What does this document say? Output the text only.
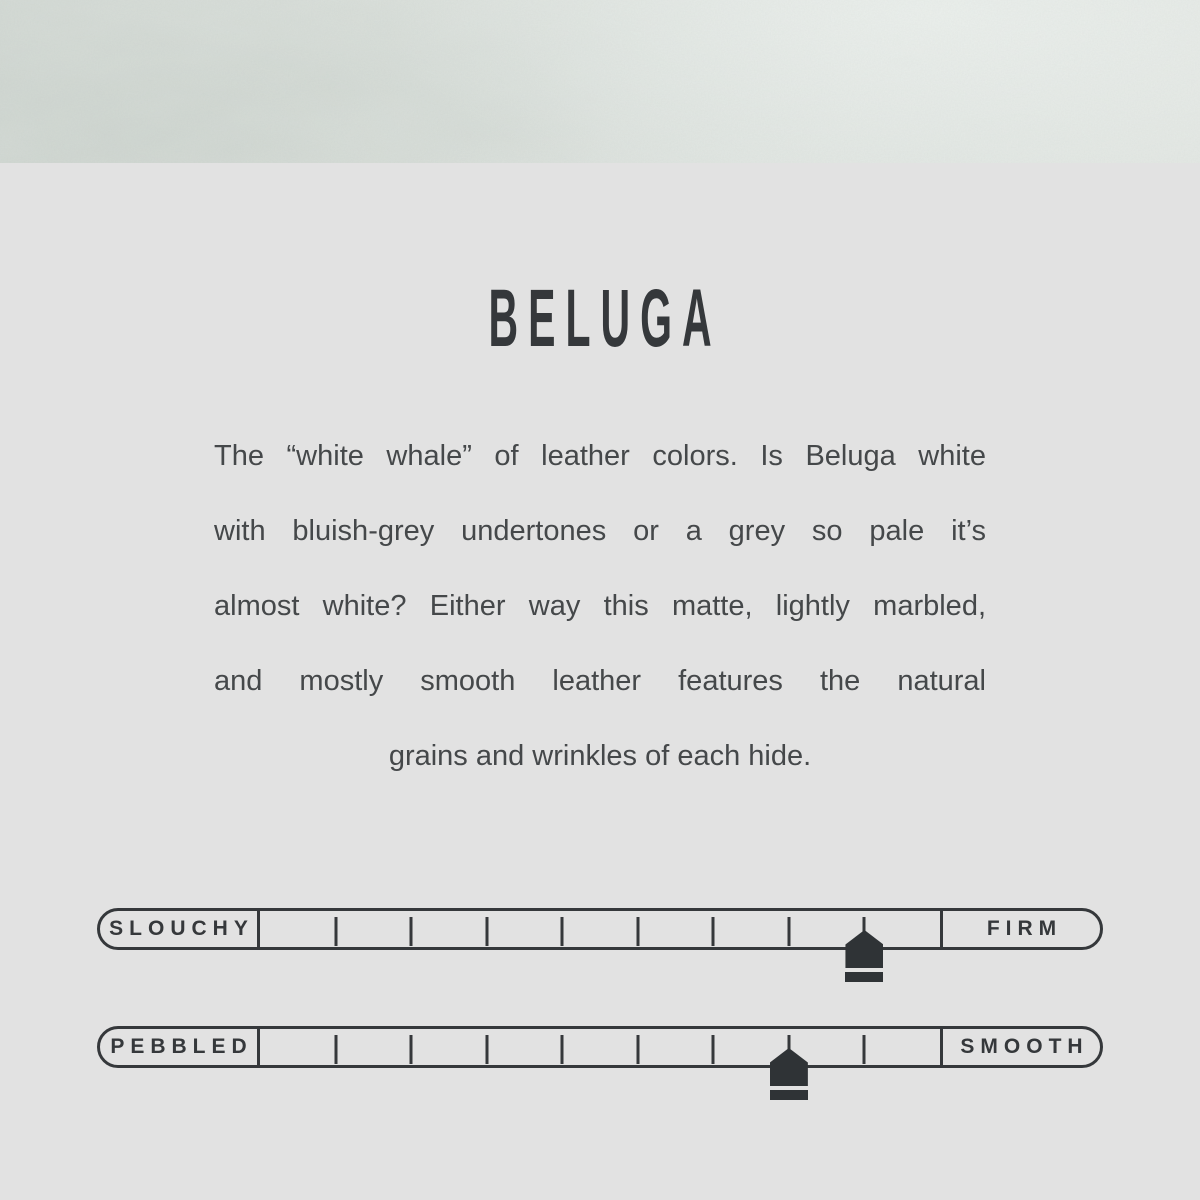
BELUGA
The “white whale” of leather colors. Is Beluga white
with bluish-grey undertones or a grey so pale it’s
almost white? Either way this matte, lightly marbled,
and mostly smooth leather features the natural
grains and wrinkles of each hide.
SLOUCHY	FIRM
PEBBLED	SMOOTH
